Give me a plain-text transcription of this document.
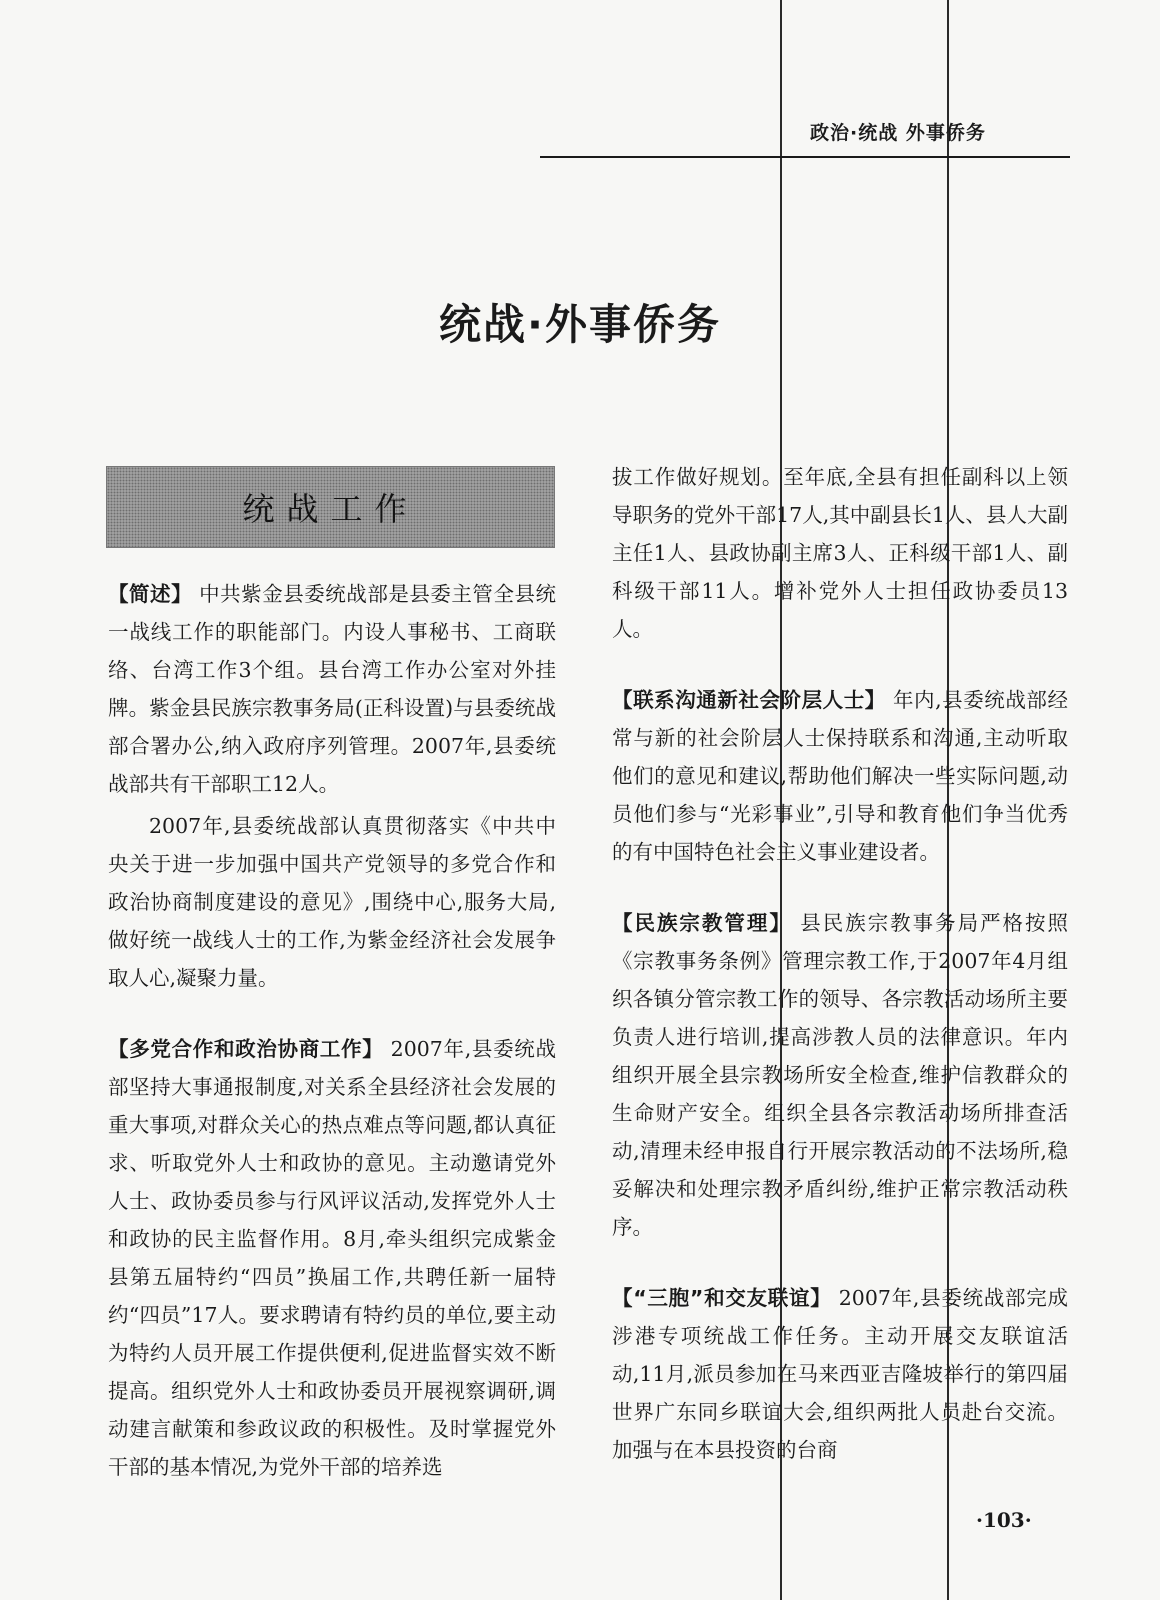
政治·统战 外事侨务
统战·外事侨务
统战工作

【简述】 中共紫金县委统战部是县委主管全县统一战线工作的职能部门。内设人事秘书、工商联络、台湾工作3个组。县台湾工作办公室对外挂牌。紫金县民族宗教事务局(正科设置)与县委统战部合署办公,纳入政府序列管理。2007年,县委统战部共有干部职工12人。

2007年,县委统战部认真贯彻落实《中共中央关于进一步加强中国共产党领导的多党合作和政治协商制度建设的意见》,围绕中心,服务大局,做好统一战线人士的工作,为紫金经济社会发展争取人心,凝聚力量。

【多党合作和政治协商工作】 2007年,县委统战部坚持大事通报制度,对关系全县经济社会发展的重大事项,对群众关心的热点难点等问题,都认真征求、听取党外人士和政协的意见。主动邀请党外人士、政协委员参与行风评议活动,发挥党外人士和政协的民主监督作用。8月,牵头组织完成紫金县第五届特约“四员”换届工作,共聘任新一届特约“四员”17人。要求聘请有特约员的单位,要主动为特约人员开展工作提供便利,促进监督实效不断提高。组织党外人士和政协委员开展视察调研,调动建言献策和参政议政的积极性。及时掌握党外干部的基本情况,为党外干部的培养选

拔工作做好规划。至年底,全县有担任副科以上领导职务的党外干部17人,其中副县长1人、县人大副主任1人、县政协副主席3人、正科级干部1人、副科级干部11人。增补党外人士担任政协委员13人。

【联系沟通新社会阶层人士】 年内,县委统战部经常与新的社会阶层人士保持联系和沟通,主动听取他们的意见和建议,帮助他们解决一些实际问题,动员他们参与“光彩事业”,引导和教育他们争当优秀的有中国特色社会主义事业建设者。

【民族宗教管理】 县民族宗教事务局严格按照《宗教事务条例》管理宗教工作,于2007年4月组织各镇分管宗教工作的领导、各宗教活动场所主要负责人进行培训,提高涉教人员的法律意识。年内组织开展全县宗教场所安全检查,维护信教群众的生命财产安全。组织全县各宗教活动场所排查活动,清理未经申报自行开展宗教活动的不法场所,稳妥解决和处理宗教矛盾纠纷,维护正常宗教活动秩序。

【“三胞”和交友联谊】 2007年,县委统战部完成涉港专项统战工作任务。主动开展交友联谊活动,11月,派员参加在马来西亚吉隆坡举行的第四届世界广东同乡联谊大会,组织两批人员赴台交流。加强与在本县投资的台商

·103·
